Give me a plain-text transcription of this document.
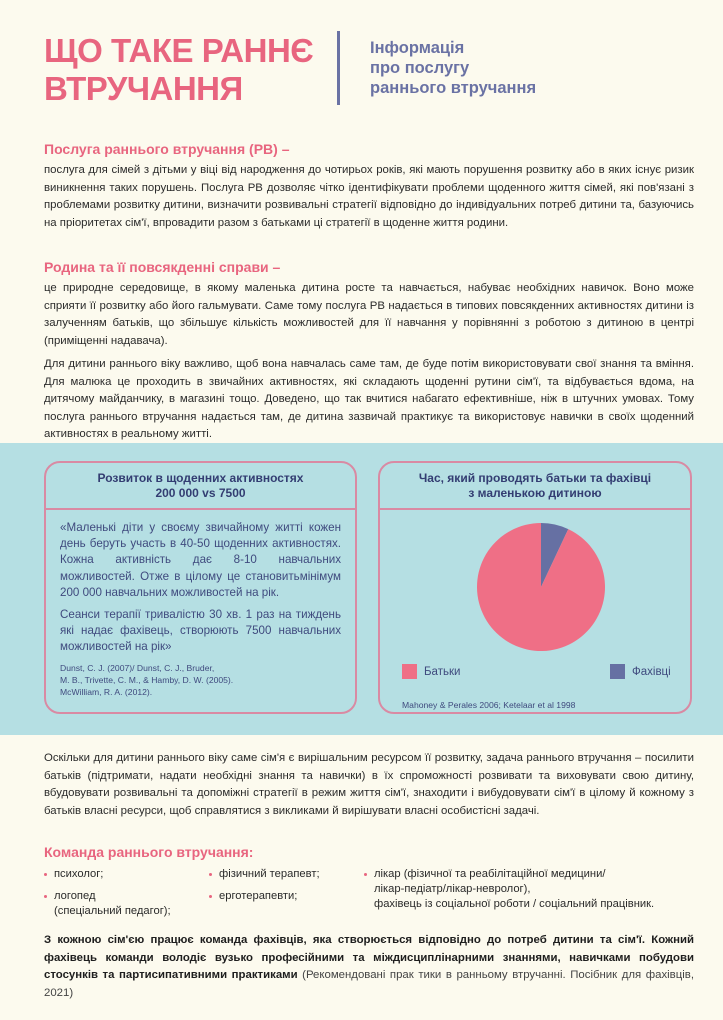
ЩО ТАКЕ РАННЄ
ВТРУЧАННЯ
Інформація
про послугу
раннього втручання
Послуга раннього втручання (РВ) –

послуга для сімей з дітьми у віці від народження до чотирьох років, які мають порушення розвитку або в яких існує ризик виникнення таких порушень. Послуга РВ дозволяє чітко ідентифікувати проблеми щоденного життя сімей, які пов'язані з проблемами розвитку дитини, визначити розвивальні стратегії відповідно до індивідуальних потреб дитини та, базуючись на пріоритетах сім'ї, впровадити разом з батьками ці стратегії в щоденне життя родини.

Родина та її повсякденні справи –

це природне середовище, в якому маленька дитина росте та навчається, набуває необхідних навичок. Воно може сприяти її розвитку або його гальмувати. Саме тому послуга РВ надається в типових повсякденних активностях дитини із залученням батьків, що збільшує кількість можливостей для її навчання у порівнянні з роботою з дитиною в центрі (приміщенні надавача).

Для дитини раннього віку важливо, щоб вона навчалась саме там, де буде потім використовувати свої знання та вміння. Для малюка це проходить в звичайних активностях, які складають щоденні рутини сім'ї, та відбувається вдома, на дитячому майданчику, в магазині тощо. Доведено, що так вчитися набагато ефективніше, ніж в штучних умовах. Тому послуга раннього втручання надається там, де дитина зазвичай практикує та використовує навички в своїх щоденний активностях в реальному житті.

Розвиток в щоденних активностях
200 000 vs 7500

«Маленькі діти у своєму звичайному житті кожен день беруть участь в 40-50 щоденних активностях. Кожна активність дає 8-10 навчальних можливостей. Отже в цілому це становитьмінімум 200 000 навчальних можливостей на рік.

Сеанси терапії тривалістю 30 хв. 1 раз на тиждень які надає фахівець, створюють 7500 навчальних можливостей на рік»

Dunst, C. J. (2007)/ Dunst, C. J., Bruder,
M. B., Trivette, C. M., & Hamby, D. W. (2005).
McWilliam, R. A. (2012).
Час, який проводять батьки та фахівці
з маленькою дитиною
Батьки	Фахівці
Mahoney & Perales 2006; Ketelaar et al 1998

Оскільки для дитини раннього віку саме сім'я є вирішальним ресурсом її розвитку, задача раннього втручання – посилити батьків (підтримати, надати необхідні знання та навички) в їх спроможності розвивати та виховувати свою дитину, вбудовувати розвивальні та допоміжні стратегії в режим життя сім'ї, знаходити і вибудовувати сім'ї в цілому й кожному з батьків власні ресурси, щоб справлятися з викликами й вирішувати власні особистісні задачі.

Команда раннього втручання:
психолог;
логопед
(спеціальний педагог);
фізичний терапевт;
ерготерапевти;
лікар (фізичної та реабілітаційної медицини/
лікар-педіатр/лікар-невролог),
фахівець із соціальної роботи / соціальний працівник.

З кожною сім'єю працює команда фахівців, яка створюється відповідно до потреб дитини та сім'ї. Кожний фахівець команди володіє вузько професійними та міждисциплінарними знаннями, навичками побудови стосунків та партисипативними практиками (Рекомендовані прак тики в ранньому втручанні. Посібник для фахівців, 2021)
